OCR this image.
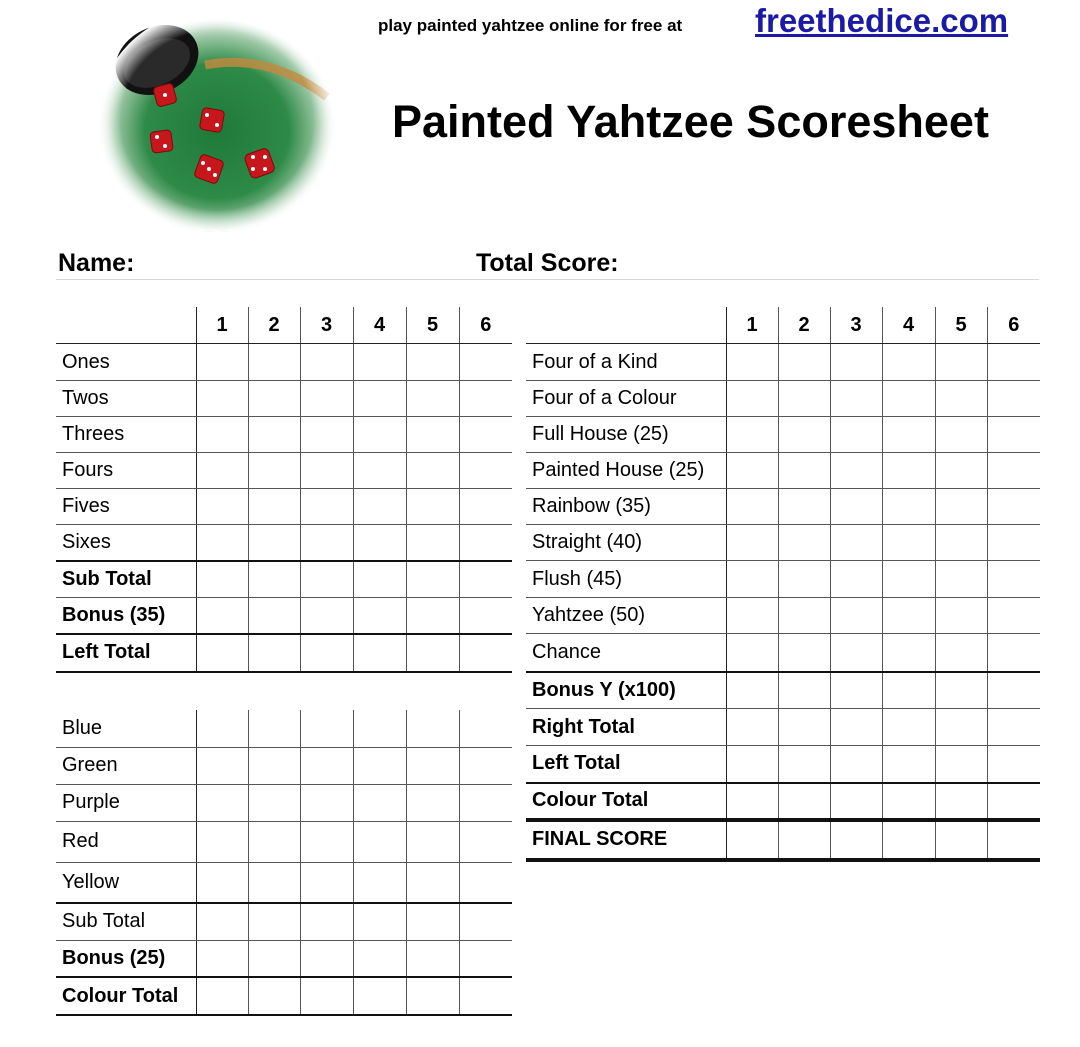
play painted yahtzee online for free at freethedice.com
Painted Yahtzee Scoresheet
Name:	Total Score:
	1	2	3	4	5	6
Ones						
Twos						
Threes						
Fours						
Fives						
Sixes						
Sub Total						
Bonus (35)						
Left Total						
Blue						
Green						
Purple						
Red						
Yellow						
Sub Total						
Bonus (25)						
Colour Total						
	1	2	3	4	5	6
Four of a Kind						
Four of a Colour						
Full House (25)						
Painted House (25)						
Rainbow (35)						
Straight (40)						
Flush (45)						
Yahtzee (50)						
Chance						
Bonus Y (x100)						
Right Total						
Left Total						
Colour Total						
FINAL SCORE						
